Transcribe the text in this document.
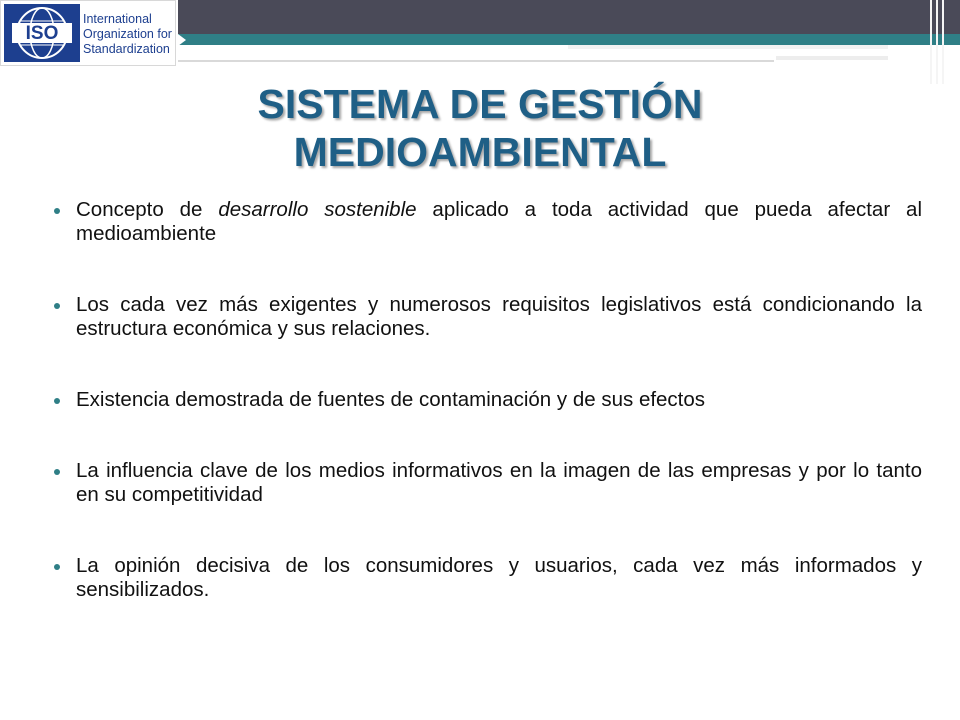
ISO
International
Organization for
Standardization
SISTEMA DE GESTIÓN
MEDIOAMBIENTAL
Concepto de desarrollo sostenible aplicado a toda actividad que pueda afectar al medioambiente
Los cada vez más exigentes y numerosos requisitos legislativos está condicionando la estructura económica y sus relaciones.
Existencia demostrada de fuentes de contaminación y de sus efectos
La influencia clave de los medios informativos en la imagen de las empresas y por lo tanto en su competitividad
La opinión decisiva de los consumidores y usuarios, cada vez más informados y sensibilizados.
